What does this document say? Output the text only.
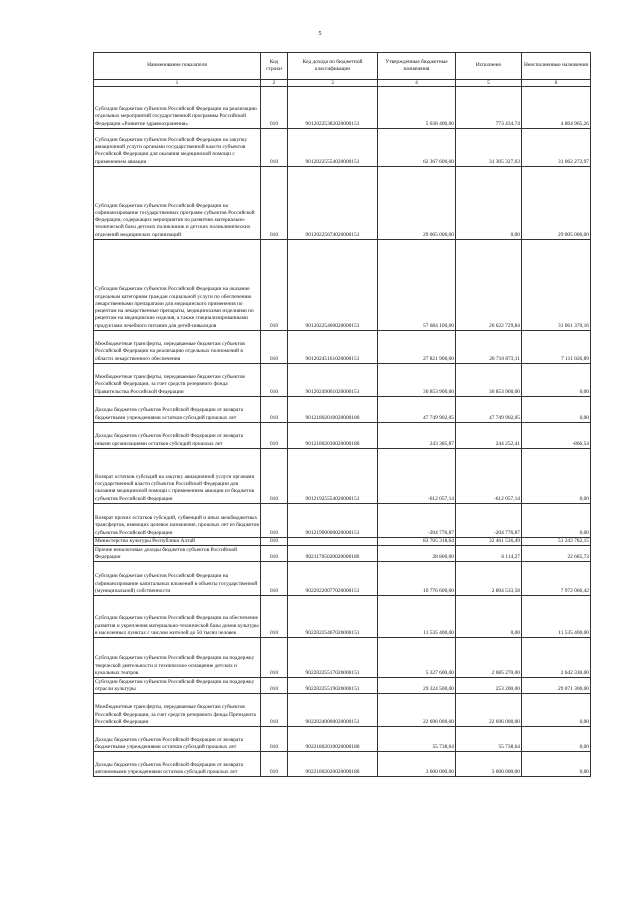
5
Наименование показателя	Код строки	Код дохода по бюджетной классификации	Утвержденные бюджетные назначения	Исполнено	Неисполненные назначения
1	2	3	4	5	6
Субсидии бюджетам субъектов Российской Федерации на реализацию отдельных мероприятий государственной программы Российской Федерации «Развитие здравоохранения»	010	90120225382020000151	5 638 400,00	773 434,74	4 864 965,26
Субсидии бюджетам субъектов Российской Федерации на закупку авиационной услуги органами государственной власти субъектов Российской Федерации для оказания медицинской помощи с применением авиации	010	90120225554020000151	62 367 600,00	31 305 327,03	31 062 272,97
Субсидии бюджетам субъектов Российской Федерации на софинансирование государственных программ субъектов Российской Федерации, содержащих мероприятия по развитию материально-технической базы детских поликлиник и детских поликлинических отделений медицинских организаций	010	90120225674020000151	29 005 000,00	0,00	29 005 000,00
Субсидии бюджетам субъектов Российской Федерации на оказание отдельным категориям граждан социальной услуги по обеспечению лекарственными препаратами для медицинского применения по рецептам на лекарственные препараты, медицинскими изделиями по рецептам на медицинские изделия, а также специализированными продуктами лечебного питания для детей-инвалидов	010	90120225460020000151	57 684 100,00	26 622 729,84	31 061 370,16
Межбюджетные трансферты, передаваемые бюджетам субъектов Российской Федерации на реализацию отдельных полномочий в области лекарственного обеспечения	010	90120245161020000151	27 821 900,00	20 710 873,11	7 111 026,89
Межбюджетные трансферты, передаваемые бюджетам субъектов Российской Федерации, за счет средств резервного фонда Правительства Российской Федерации	010	90120249001020000151	30 853 900,00	30 853 900,00	0,00
Доходы бюджетов субъектов Российской Федерации от возврата бюджетными учреждениями остатков субсидий прошлых лет	010	90121802010020000180	47 749 902,05	47 749 902,05	0,00
Доходы бюджетов субъектов Российской Федерации от возврата иными организациями остатков субсидий прошлых лет	010	90121802030020000180	243 385,87	244 252,41	-866,54
Возврат остатков субсидий на закупку авиационной услуги органами государственной власти субъектов Российской Федерации для оказания медицинской помощи с применением авиации из бюджетов субъектов Российской Федерации	010	90121925554020000151	-612 057,14	-612 057,14	0,00
Возврат прочих остатков субсидий, субвенций и иных межбюджетных трансфертов, имеющих целевое назначение, прошлых лет из бюджетов субъектов Российской Федерации	010	90121990000020000151	-204 776,87	-204 776,87	0,00
Министерство культуры Республики Алтай	010		83 705 318,64	32 461 536,49	51 243 782,15
Прочие неналоговые доходы бюджетов субъектов Российской Федерации	010	90211705020020000180	28 800,00	6 114,27	22 685,73
Субсидии бюджетам субъектов Российской Федерации на софинансирование капитальных вложений в объекты государственной (муниципальной) собственности	010	90220220077020000151	10 776 600,00	2 804 533,58	7 972 066,42
Субсидии бюджетам субъектов Российской Федерации на обеспечение развития и укрепления материально-технической базы домов культуры в населенных пунктах с числом жителей до 50 тысяч человек	010	90220225467020000151	11 535 400,00	0,00	11 535 400,00
Субсидии бюджетам субъектов Российской Федерации на поддержку творческой деятельности и техническое оснащение детских и кукольных театров	010	90220225517020000151	5 327 600,00	2 685 270,00	2 642 330,00
Субсидии бюджетам субъектов Российской Федерации на поддержку отрасли культуры	010	90220225519020000151	29 324 500,00	253 200,00	29 071 300,00
Межбюджетные трансферты, передаваемые бюджетам субъектов Российской Федерации, за счет средств резервного фонда Президента Российской Федерации	010	90220240000020000151	22 696 000,00	22 696 000,00	0,00
Доходы бюджетов субъектов Российской Федерации от возврата бюджетными учреждениями остатков субсидий прошлых лет	010	90221802010020000180	55 738,64	55 738,64	0,00
Доходы бюджетов субъектов Российской Федерации от возврата автономными учреждениями остатков субсидий прошлых лет	010	90221802020020000180	3 600 000,00	3 600 000,00	0,00
